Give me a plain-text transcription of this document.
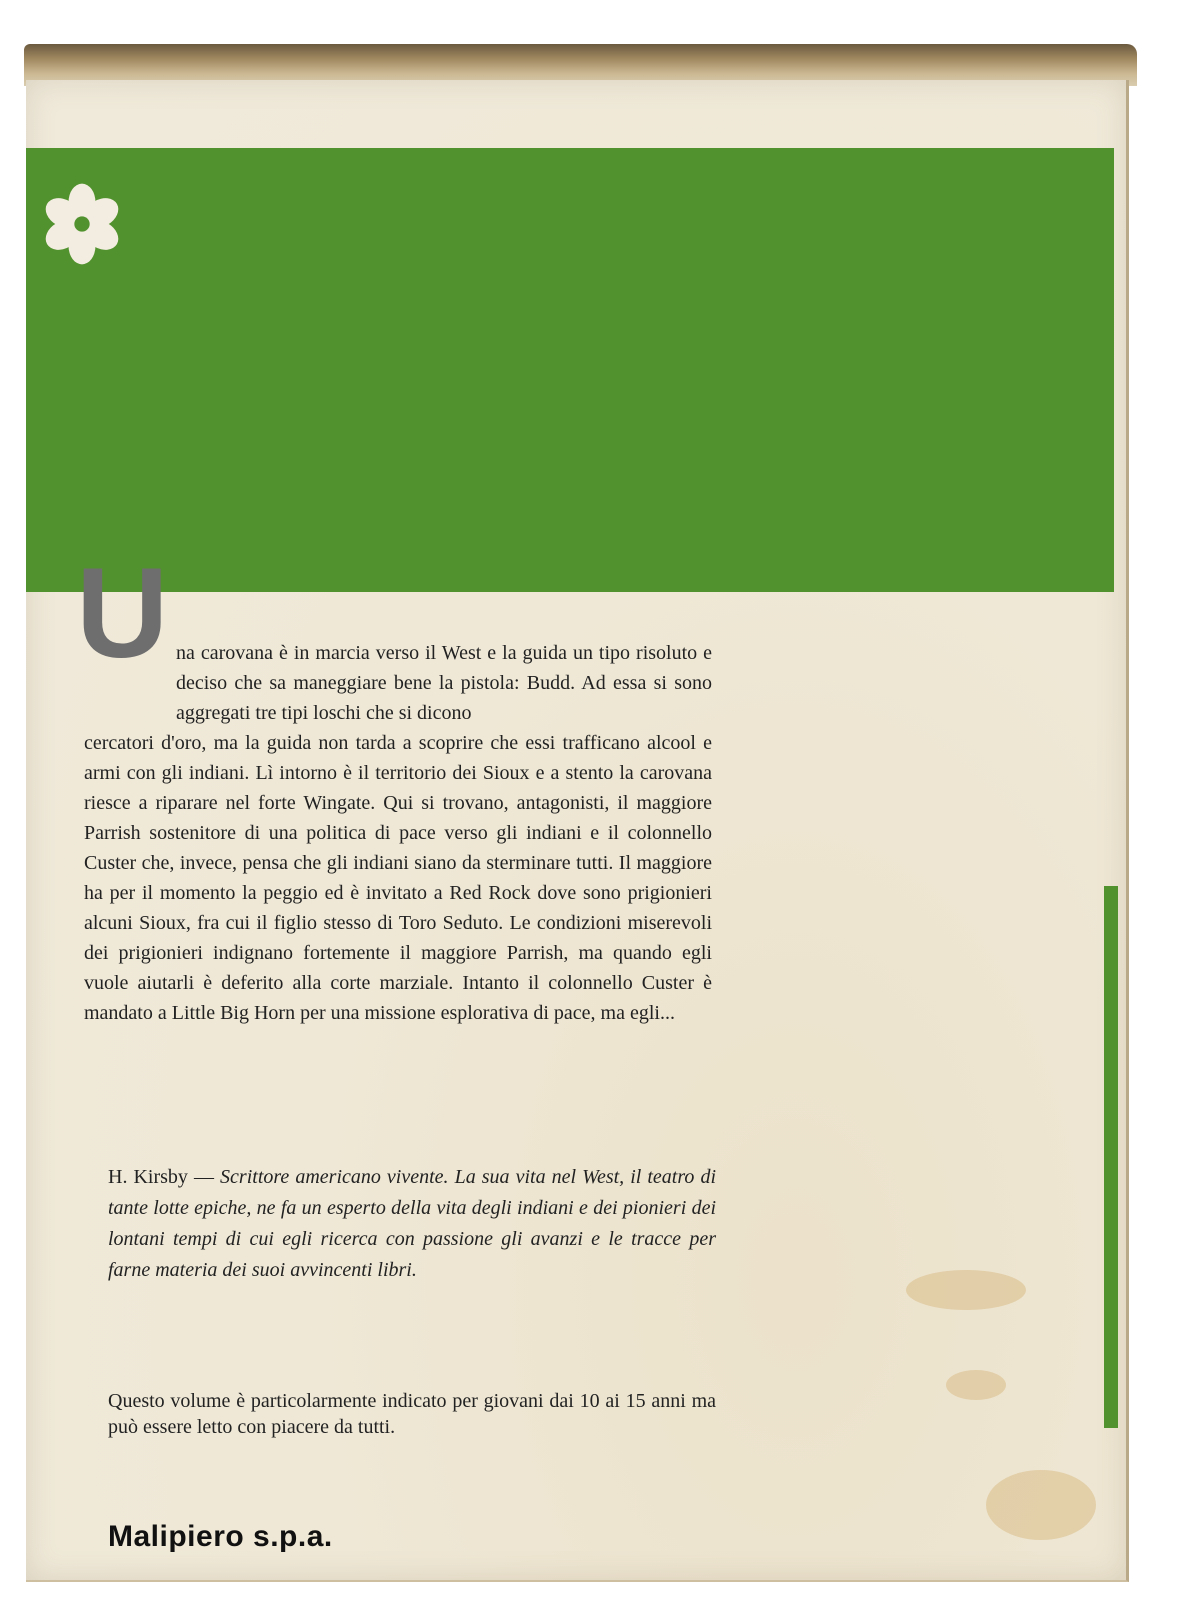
U na carovana è in marcia verso il West e la guida un tipo risoluto e deciso che sa maneggiare bene la pistola: Budd. Ad essa si sono aggregati tre tipi loschi che si dicono
cercatori d'oro, ma la guida non tarda a scoprire che essi trafficano alcool e armi con gli indiani. Lì intorno è il territorio dei Sioux e a stento la carovana riesce a riparare nel forte Wingate. Qui si trovano, antagonisti, il maggiore Parrish sostenitore di una politica di pace verso gli indiani e il colonnello Custer che, invece, pensa che gli indiani siano da sterminare tutti. Il maggiore ha per il momento la peggio ed è invitato a Red Rock dove sono prigionieri alcuni Sioux, fra cui il figlio stesso di Toro Seduto. Le condizioni miserevoli dei prigionieri indignano fortemente il maggiore Parrish, ma quando egli vuole aiutarli è deferito alla corte marziale. Intanto il colonnello Custer è mandato a Little Big Horn per una missione esplorativa di pace, ma egli...
H. Kirsby — Scrittore americano vivente. La sua vita nel West, il teatro di tante lotte epiche, ne fa un esperto della vita degli indiani e dei pionieri dei lontani tempi di cui egli ricerca con passione gli avanzi e le tracce per farne materia dei suoi avvincenti libri.
Questo volume è particolarmente indicato per giovani dai 10 ai 15 anni ma può essere letto con piacere da tutti.
Malipiero s.p.a.
